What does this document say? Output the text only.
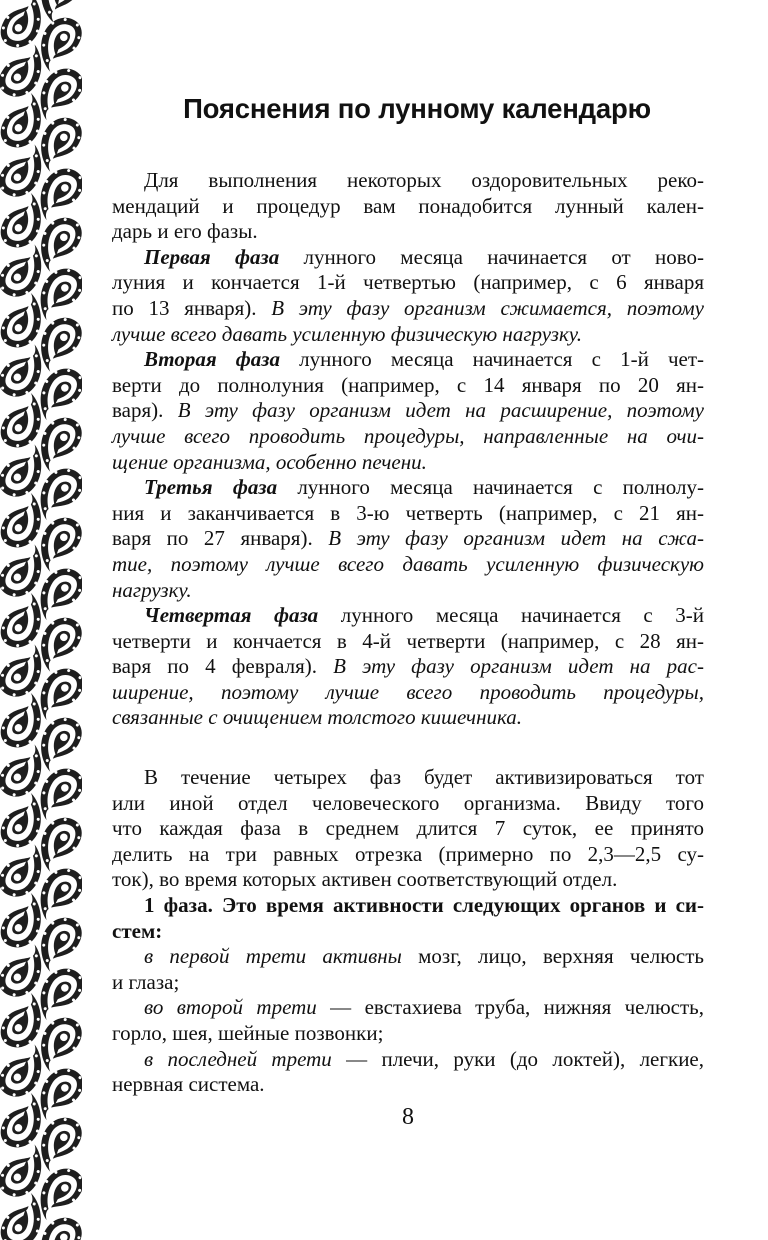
Пояснения по лунному календарю
Для выполнения некоторых оздоровительных реко-
мендаций и процедур вам понадобится лунный кален-
дарь и его фазы.
Первая фаза лунного месяца начинается от ново-
луния и кончается 1-й четвертью (например, с 6 января
по 13 января). В эту фазу организм сжимается, поэтому
лучше всего давать усиленную физическую нагрузку.
Вторая фаза лунного месяца начинается с 1-й чет-
верти до полнолуния (например, с 14 января по 20 ян-
варя). В эту фазу организм идет на расширение, поэтому
лучше всего проводить процедуры, направленные на очи-
щение организма, особенно печени.
Третья фаза лунного месяца начинается с полнолу-
ния и заканчивается в 3-ю четверть (например, с 21 ян-
варя по 27 января). В эту фазу организм идет на сжа-
тие, поэтому лучше всего давать усиленную физическую
нагрузку.
Четвертая фаза лунного месяца начинается с 3-й
четверти и кончается в 4-й четверти (например, с 28 ян-
варя по 4 февраля). В эту фазу организм идет на рас-
ширение, поэтому лучше всего проводить процедуры,
связанные с очищением толстого кишечника.
В течение четырех фаз будет активизироваться тот
или иной отдел человеческого организма. Ввиду того
что каждая фаза в среднем длится 7 суток, ее принято
делить на три равных отрезка (примерно по 2,3—2,5 су-
ток), во время которых активен соответствующий отдел.
1 фаза. Это время активности следующих органов и си-
стем:
в первой трети активны мозг, лицо, верхняя челюсть
и глаза;
во второй трети — евстахиева труба, нижняя челюсть,
горло, шея, шейные позвонки;
в последней трети — плечи, руки (до локтей), легкие,
нервная система.
8
